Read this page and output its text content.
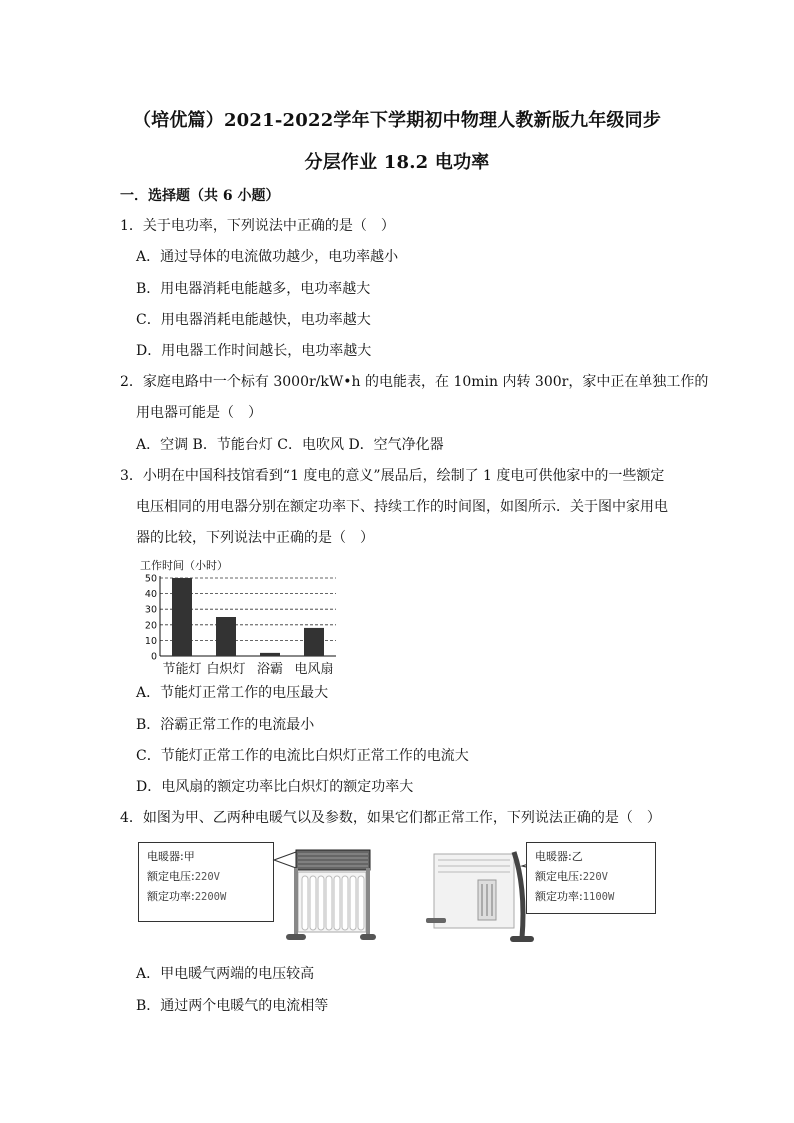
（培优篇）2021-2022学年下学期初中物理人教新版九年级同步
分层作业 18.2 电功率
一．选择题（共 6 小题）
1．关于电功率，下列说法中正确的是（　）
A．通过导体的电流做功越少，电功率越小
B．用电器消耗电能越多，电功率越大
C．用电器消耗电能越快，电功率越大
D．用电器工作时间越长，电功率越大
2．家庭电路中一个标有 3000r/kW•h 的电能表，在 10min 内转 300r，家中正在单独工作的
用电器可能是（　）
A．空调 B．节能台灯 C．电吹风 D．空气净化器
3．小明在中国科技馆看到“1 度电的意义”展品后，绘制了 1 度电可供他家中的一些额定
电压相同的用电器分别在额定功率下、持续工作的时间图，如图所示．关于图中家用电
器的比较，下列说法中正确的是（　）
工作时间（小时）
0
10
20
30
40
50
节能灯 白炽灯 浴霸 电风扇
A．节能灯正常工作的电压最大
B．浴霸正常工作的电流最小
C．节能灯正常工作的电流比白炽灯正常工作的电流大
D．电风扇的额定功率比白炽灯的额定功率大
4．如图为甲、乙两种电暖气以及参数，如果它们都正常工作，下列说法正确的是（　）
电暖器:甲
额定电压:220V
额定功率:2200W
电暖器:乙
额定电压:220V
额定功率:1100W
A．甲电暖气两端的电压较高
B．通过两个电暖气的电流相等
